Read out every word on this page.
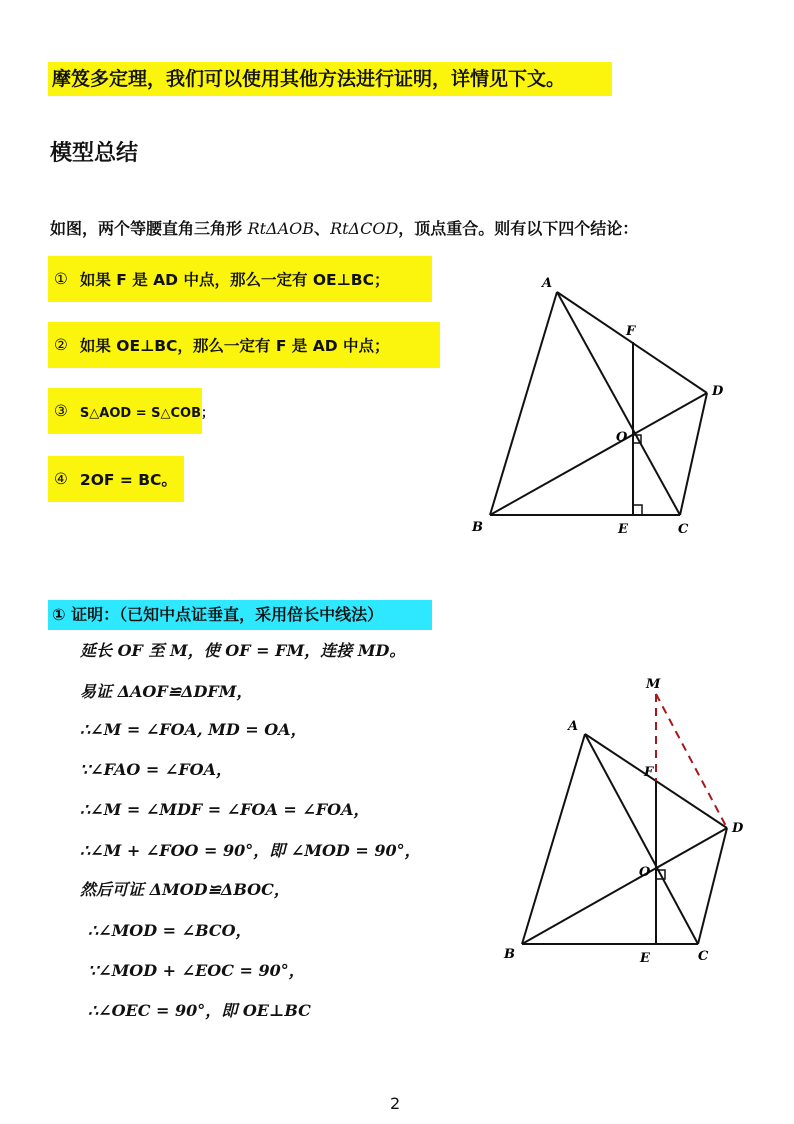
摩笈多定理，我们可以使用其他方法进行证明，详情见下文。
模型总结
如图，两个等腰直角三角形 RtΔAOB、RtΔCOD，顶点重合。则有以下四个结论：
① 如果 F 是 AD 中点，那么一定有 OE⊥BC；
② 如果 OE⊥BC，那么一定有 F 是 AD 中点；
③ S△AOD = S△COB；
④ 2OF = BC。
A
F
D
O
B	E	C
① 证明：（已知中点证垂直，采用倍长中线法）
延长 OF 至 M，使 OF = FM，连接 MD。
易证 ΔAOF≌ΔDFM，
∴∠M = ∠FOA, MD = OA，
∵∠FAO = ∠FOA，
∴∠M = ∠MDF = ∠FOA = ∠FOA，
∴∠M + ∠FOO = 90°，即 ∠MOD = 90°，
然后可证 ΔMOD≌ΔBOC，
∴∠MOD = ∠BCO，
∵∠MOD + ∠EOC = 90°，
∴∠OEC = 90°，即 OE⊥BC
M
A
F
D
O
B	E	C
2
